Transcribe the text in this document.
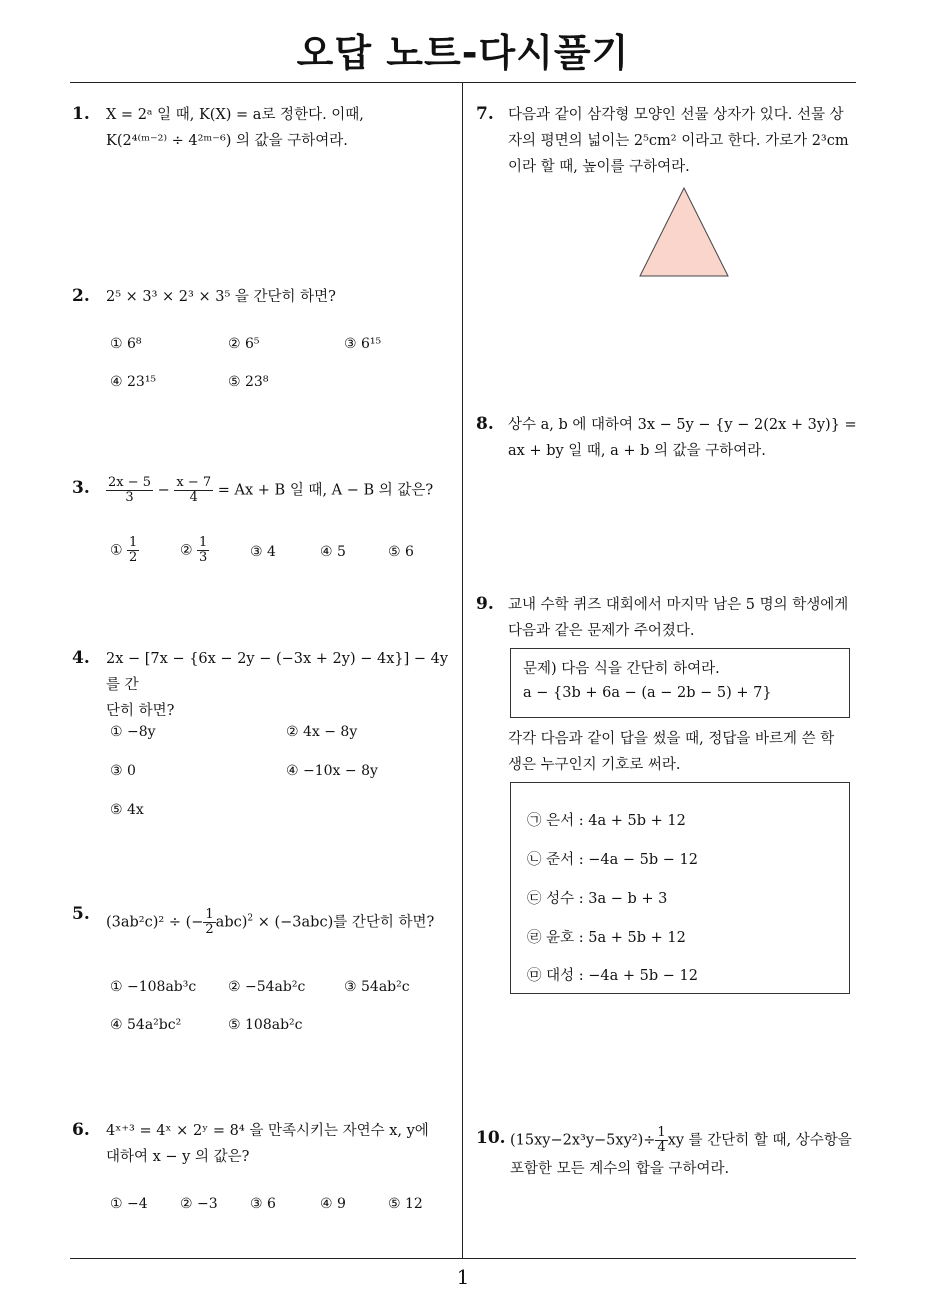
오답 노트-다시풀기
1
1. X = 2ᵃ 일 때, K(X) = a로 정한다. 이때,
K(2⁴⁽ᵐ⁻²⁾ ÷ 4²ᵐ⁻⁶) 의 값을 구하여라.
2. 2⁵ × 3³ × 2³ × 3⁵ 을 간단히 하면?
① 6⁸	② 6⁵	③ 6¹⁵
④ 23¹⁵	⑤ 23⁸
3. $\frac{2x - 5}{3} - \frac{x - 7}{4} = Ax + B$ 일 때, A − B 의 값은?
① $\frac{1}{2}$	② $\frac{1}{3}$	③ 4	④ 5	⑤ 6
4. 2x − [7x − {6x − 2y − (−3x + 2y) − 4x}] − 4y 를 간
단히 하면?
① −8y	② 4x − 8y
③ 0	④ −10x − 8y
⑤ 4x
5. (3ab²c)² ÷ (− $\frac{1}{2} abc)^2 \times (-3abc)$를 간단히 하면?
① −108ab³c ② −54ab²c	③ 54ab²c
④ 54a²bc²	⑤ 108ab²c
6. 4ˣ⁺³ = 4ˣ × 2ʸ = 8⁴ 을 만족시키는 자연수 x, y에
대하여 x − y 의 값은?
① −4 ② −3 ③ 6	④ 9	⑤ 12
7. 다음과 같이 삼각형 모양인 선물 상자가 있다. 선물 상
자의 평면의 넓이는 2⁵cm² 이라고 한다. 가로가 2³cm
이라 할 때, 높이를 구하여라.
8. 상수 a, b 에 대하여 3x − 5y − {y − 2(2x + 3y)} =
ax + by 일 때, a + b 의 값을 구하여라.
9. 교내 수학 퀴즈 대회에서 마지막 남은 5 명의 학생에게
다음과 같은 문제가 주어졌다.
문제) 다음 식을 간단히 하여라.
a − {3b + 6a − (a − 2b − 5) + 7}
각각 다음과 같이 답을 썼을 때, 정답을 바르게 쓴 학
생은 누구인지 기호로 써라.
㉠ 은서 : 4a + 5b + 12
㉡ 준서 : −4a − 5b − 12
㉢ 성수 : 3a − b + 3
㉣ 윤호 : 5a + 5b + 12
㉤ 대성 : −4a + 5b − 12
10. $(15xy-2x^3y-5xy^2)\div \frac{1}{4}$ xy 를 간단히 할 때, 상수항을
포함한 모든 계수의 합을 구하여라.
